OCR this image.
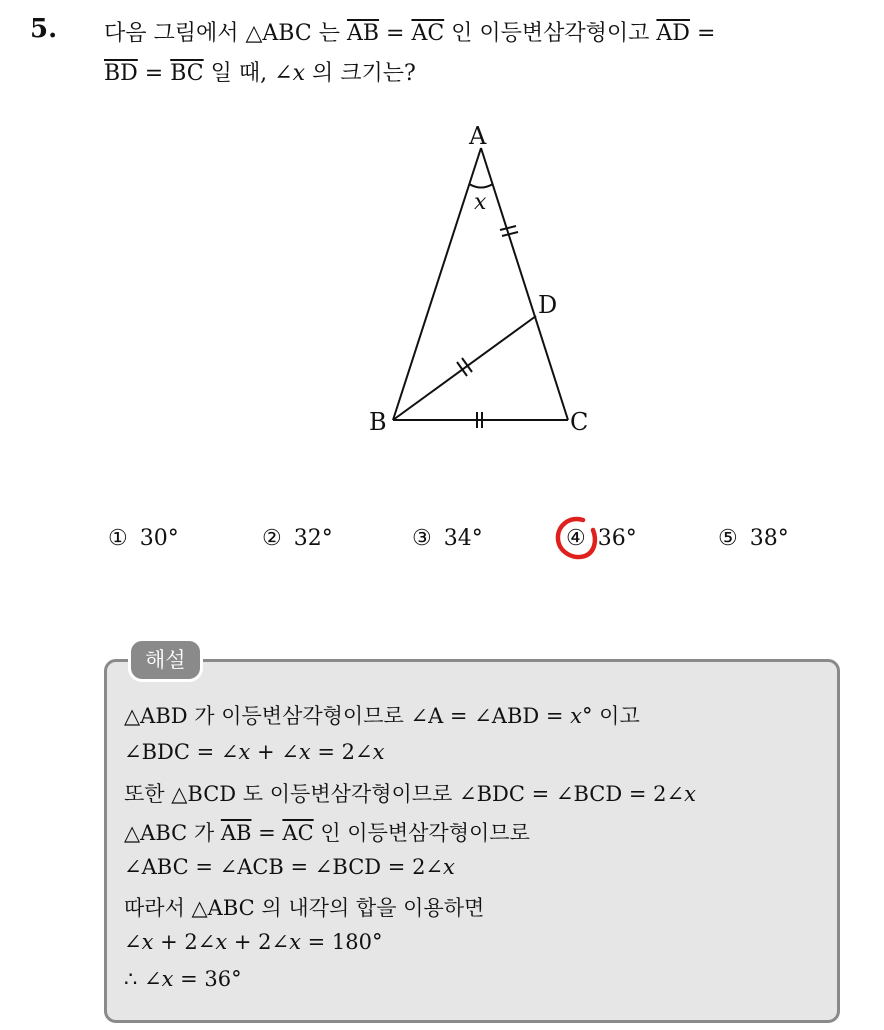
5. 다음 그림에서 △ABC 는 $\overline{AB} = \overline{AC}$ 인 이등변삼각형이고 $\overline{AD}$ =
$\overline{BD} = \overline{BC}$ 일 때, ∠x 의 크기는?
A
B	C
D
x
① 30°	② 32°	③ 34°	④ 36°	⑤ 38°
해설
△ABD 가 이등변삼각형이므로 ∠A = ∠ABD = x° 이고
∠BDC = ∠x + ∠x = 2∠x
또한 △BCD 도 이등변삼각형이므로 ∠BDC = ∠BCD = 2∠x
△ABC 가 $\overline{AB} = \overline{AC}$ 인 이등변삼각형이므로
∠ABC = ∠ACB = ∠BCD = 2∠x
따라서 △ABC 의 내각의 합을 이용하면
∠x + 2∠x + 2∠x = 180°
∴ ∠x = 36°
